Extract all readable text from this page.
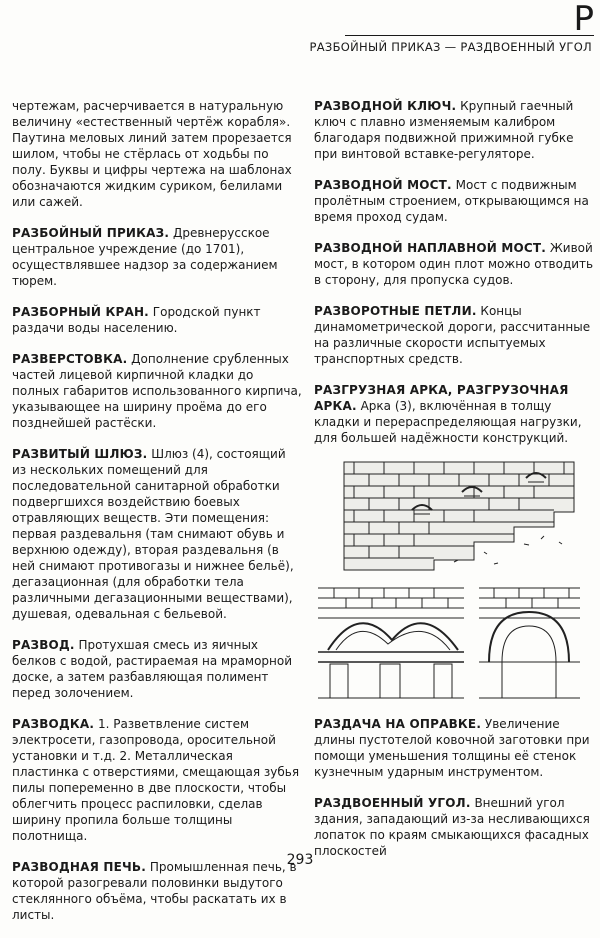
Р
РАЗБОЙНЫЙ ПРИКАЗ — РАЗДВОЕННЫЙ УГОЛ
чертежам, расчерчивается в натуральную величину «естественный чертёж корабля». Паутина меловых линий затем прорезается шилом, чтобы не стёрлась от ходьбы по полу. Буквы и цифры чертежа на шаблонах обозначаются жидким суриком, белилами или сажей.
РАЗБОЙНЫЙ ПРИКАЗ. Древнерусское центральное учреждение (до 1701), осуществлявшее надзор за содержанием тюрем.
РАЗБОРНЫЙ КРАН. Городской пункт раздачи воды населению.
РАЗВЕРСТОВКА. Дополнение срубленных частей лицевой кирпичной кладки до полных габаритов использованного кирпича, указывающее на ширину проёма до его позднейшей растёски.
РАЗВИТЫЙ ШЛЮЗ. Шлюз (4), состоящий из нескольких помещений для последовательной санитарной обработки подвергшихся воздействию боевых отравляющих веществ. Эти помещения: первая раздевальня (там снимают обувь и верхнюю одежду), вторая раздевальня (в ней снимают противогазы и нижнее бельё), дегазационная (для обработки тела различными дегазационными веществами), душевая, одевальная с бельевой.
РАЗВОД. Протухшая смесь из яичных белков с водой, растираемая на мраморной доске, а затем разбавляющая полимент перед золочением.
РАЗВОДКА. 1. Разветвление систем электросети, газопровода, оросительной установки и т.д. 2. Металлическая пластинка с отверстиями, смещающая зубья пилы попеременно в две плоскости, чтобы облегчить процесс распиловки, сделав ширину пропила больше толщины полотнища.
РАЗВОДНАЯ ПЕЧЬ. Промышленная печь, в которой разогревали половинки выдутого стеклянного объёма, чтобы раскатать их в листы.
РАЗВОДНОЙ КЛЮЧ. Крупный гаечный ключ с плавно изменяемым калибром благодаря подвижной прижимной губке при винтовой вставке-регуляторе.
РАЗВОДНОЙ МОСТ. Мост с подвижным пролётным строением, открывающимся на время проход судам.
РАЗВОДНОЙ НАПЛАВНОЙ МОСТ. Живой мост, в котором один плот можно отводить в сторону, для пропуска судов.
РАЗВОРОТНЫЕ ПЕТЛИ. Концы динамометрической дороги, рассчитанные на различные скорости испытуемых транспортных средств.
РАЗГРУЗНАЯ АРКА, РАЗГРУЗОЧНАЯ АРКА. Арка (3), включённая в толщу кладки и перераспределяющая нагрузки, для большей надёжности конструкций.
РАЗДАЧА НА ОПРАВКЕ. Увеличение длины пустотелой ковочной заготовки при помощи уменьшения толщины её стенок кузнечным ударным инструментом.
РАЗДВОЕННЫЙ УГОЛ. Внешний угол здания, западающий из-за несливающихся лопаток по краям смыкающихся фасадных плоскостей
293
